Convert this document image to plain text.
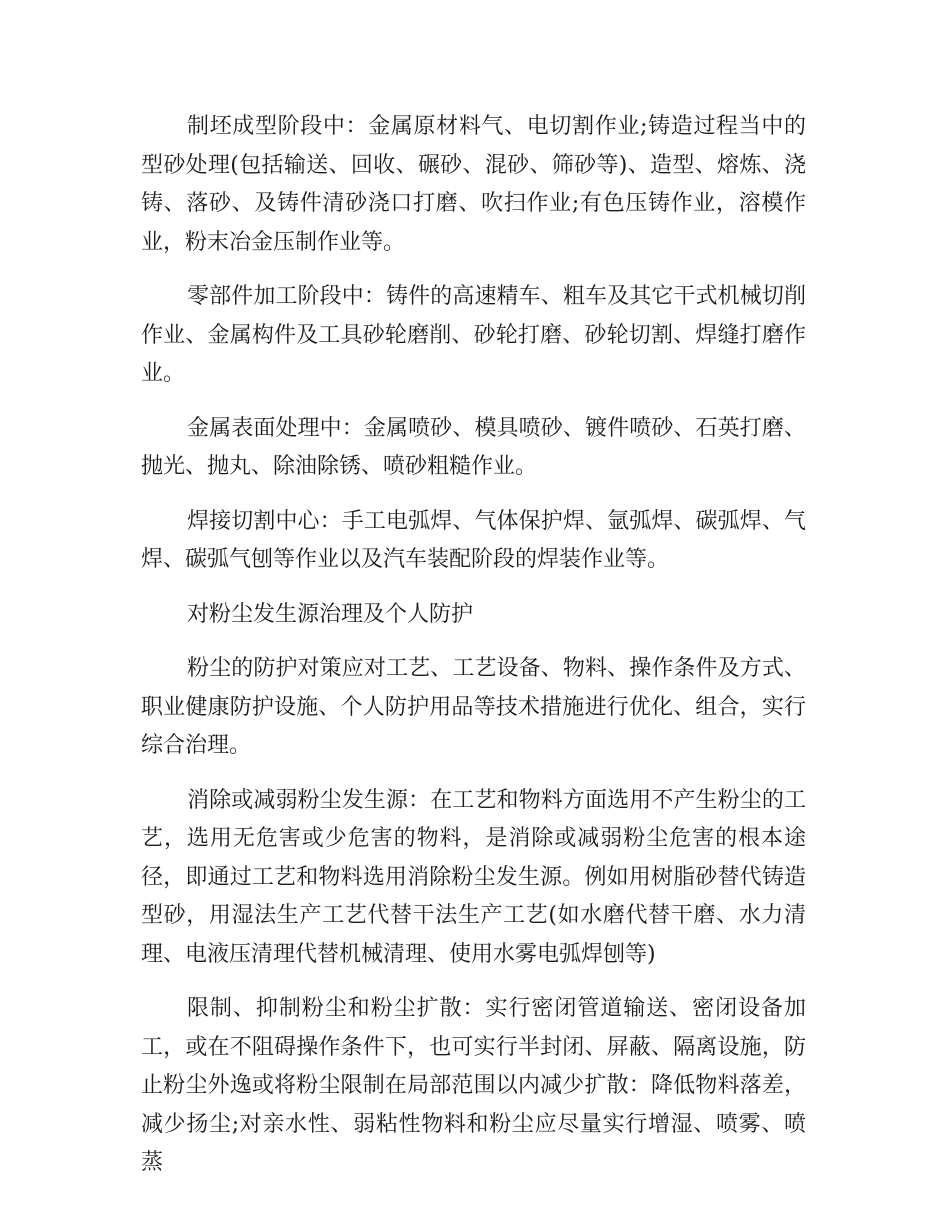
制坯成型阶段中：金属原材料气、电切割作业;铸造过程当中的型砂处理(包括输送、回收、碾砂、混砂、筛砂等)、造型、熔炼、浇铸、落砂、及铸件清砂浇口打磨、吹扫作业;有色压铸作业，溶模作业，粉末冶金压制作业等。

零部件加工阶段中：铸件的高速精车、粗车及其它干式机械切削作业、金属构件及工具砂轮磨削、砂轮打磨、砂轮切割、焊缝打磨作业。

金属表面处理中：金属喷砂、模具喷砂、镀件喷砂、石英打磨、抛光、抛丸、除油除锈、喷砂粗糙作业。

焊接切割中心：手工电弧焊、气体保护焊、氩弧焊、碳弧焊、气焊、碳弧气刨等作业以及汽车装配阶段的焊装作业等。

对粉尘发生源治理及个人防护

粉尘的防护对策应对工艺、工艺设备、物料、操作条件及方式、职业健康防护设施、个人防护用品等技术措施进行优化、组合，实行综合治理。

消除或减弱粉尘发生源：在工艺和物料方面选用不产生粉尘的工艺，选用无危害或少危害的物料，是消除或减弱粉尘危害的根本途径，即通过工艺和物料选用消除粉尘发生源。例如用树脂砂替代铸造型砂，用湿法生产工艺代替干法生产工艺(如水磨代替干磨、水力清理、电液压清理代替机械清理、使用水雾电弧焊刨等)

限制、抑制粉尘和粉尘扩散：实行密闭管道输送、密闭设备加工，或在不阻碍操作条件下，也可实行半封闭、屏蔽、隔离设施，防止粉尘外逸或将粉尘限制在局部范围以内减少扩散：降低物料落差，减少扬尘;对亲水性、弱粘性物料和粉尘应尽量实行增湿、喷雾、喷蒸
